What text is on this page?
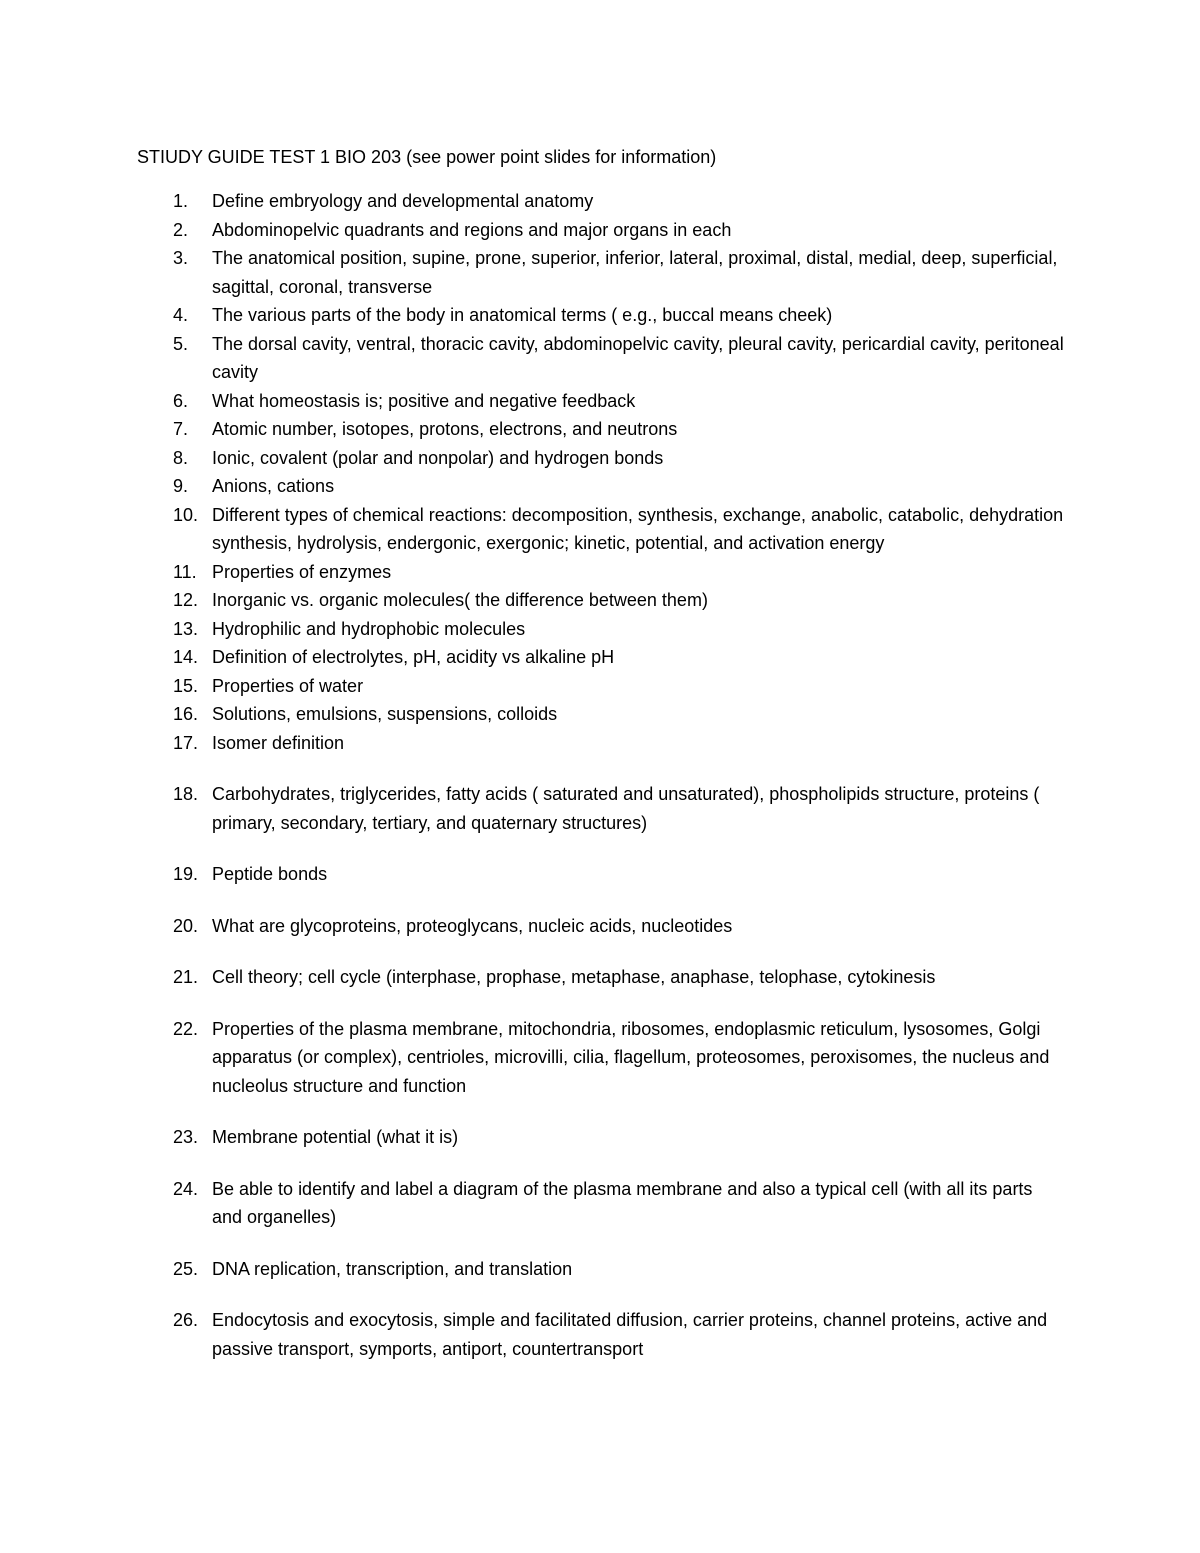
STIUDY GUIDE TEST 1 BIO 203 (see power point slides for information)
1. Define embryology and developmental anatomy
2. Abdominopelvic quadrants and regions and major organs in each
3. The anatomical position, supine, prone, superior, inferior, lateral, proximal, distal, medial, deep, superficial, sagittal, coronal, transverse
4. The various parts of the body in anatomical terms ( e.g., buccal means cheek)
5. The dorsal cavity, ventral, thoracic cavity, abdominopelvic cavity, pleural cavity, pericardial cavity, peritoneal cavity
6. What homeostasis is; positive and negative feedback
7. Atomic number, isotopes, protons, electrons, and neutrons
8. Ionic, covalent (polar and nonpolar) and hydrogen bonds
9. Anions, cations
10. Different types of chemical reactions: decomposition, synthesis, exchange, anabolic, catabolic, dehydration synthesis, hydrolysis, endergonic, exergonic; kinetic, potential, and activation energy
11. Properties of enzymes
12. Inorganic vs. organic molecules( the difference between them)
13. Hydrophilic and hydrophobic molecules
14. Definition of electrolytes, pH, acidity vs alkaline pH
15. Properties of water
16. Solutions, emulsions, suspensions, colloids
17. Isomer definition
18. Carbohydrates, triglycerides, fatty acids ( saturated and unsaturated), phospholipids structure, proteins ( primary, secondary, tertiary, and quaternary structures)
19. Peptide bonds
20. What are glycoproteins, proteoglycans, nucleic acids, nucleotides
21. Cell theory; cell cycle (interphase, prophase, metaphase, anaphase, telophase, cytokinesis
22. Properties of the plasma membrane, mitochondria, ribosomes, endoplasmic reticulum, lysosomes, Golgi apparatus (or complex), centrioles, microvilli, cilia, flagellum, proteosomes, peroxisomes, the nucleus and nucleolus structure and function
23. Membrane potential (what it is)
24. Be able to identify and label a diagram of the plasma membrane and also a typical cell (with all its parts and organelles)
25. DNA replication, transcription, and translation
26. Endocytosis and exocytosis, simple and facilitated diffusion, carrier proteins, channel proteins, active and passive transport, symports, antiport, countertransport
